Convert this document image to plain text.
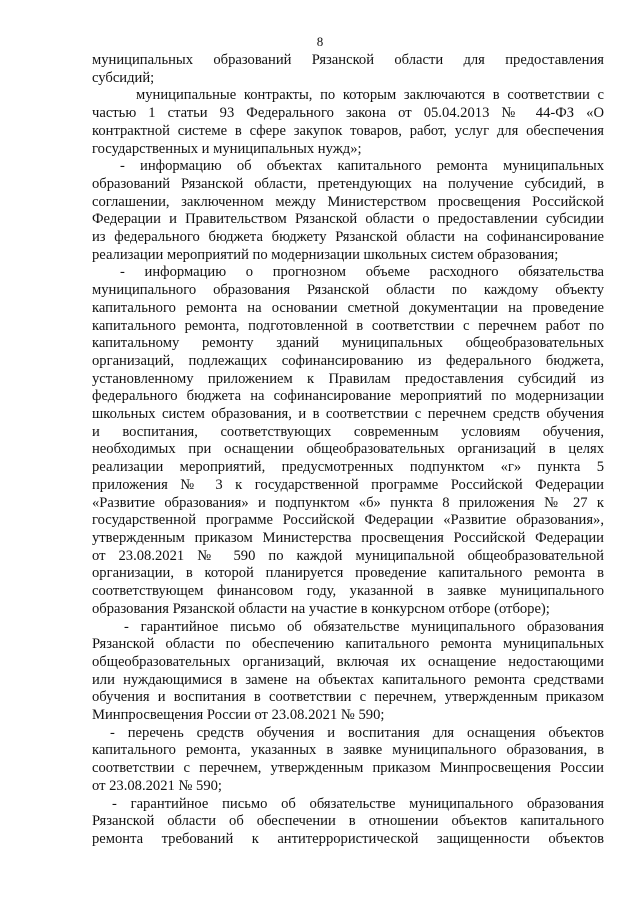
8
муниципальных образований Рязанской области для предоставления
субсидий;
муниципальные контракты, по которым заключаются в соответствии с
частью 1 статьи 93 Федерального закона от 05.04.2013 № 44-ФЗ «О
контрактной системе в сфере закупок товаров, работ, услуг для обеспечения
государственных и муниципальных нужд»;
- информацию об объектах капитального ремонта муниципальных
образований Рязанской области, претендующих на получение субсидий, в
соглашении, заключенном между Министерством просвещения Российской
Федерации и Правительством Рязанской области о предоставлении субсидии
из федерального бюджета бюджету Рязанской области на софинансирование
реализации мероприятий по модернизации школьных систем образования;
- информацию о прогнозном объеме расходного обязательства
муниципального образования Рязанской области по каждому объекту
капитального ремонта на основании сметной документации на проведение
капитального ремонта, подготовленной в соответствии с перечнем работ по
капитальному ремонту зданий муниципальных общеобразовательных
организаций, подлежащих софинансированию из федерального бюджета,
установленному приложением к Правилам предоставления субсидий из
федерального бюджета на софинансирование мероприятий по модернизации
школьных систем образования, и в соответствии с перечнем средств обучения
и воспитания, соответствующих современным условиям обучения,
необходимых при оснащении общеобразовательных организаций в целях
реализации мероприятий, предусмотренных подпунктом «г» пункта 5
приложения № 3 к государственной программе Российской Федерации
«Развитие образования» и подпунктом «б» пункта 8 приложения № 27 к
государственной программе Российской Федерации «Развитие образования»,
утвержденным приказом Министерства просвещения Российской Федерации
от 23.08.2021 № 590 по каждой муниципальной общеобразовательной
организации, в которой планируется проведение капитального ремонта в
соответствующем финансовом году, указанной в заявке муниципального
образования Рязанской области на участие в конкурсном отборе (отборе);
- гарантийное письмо об обязательстве муниципального образования
Рязанской области по обеспечению капитального ремонта муниципальных
общеобразовательных организаций, включая их оснащение недостающими
или нуждающимися в замене на объектах капитального ремонта средствами
обучения и воспитания в соответствии с перечнем, утвержденным приказом
Минпросвещения России от 23.08.2021 № 590;
- перечень средств обучения и воспитания для оснащения объектов
капитального ремонта, указанных в заявке муниципального образования, в
соответствии с перечнем, утвержденным приказом Минпросвещения России
от 23.08.2021 № 590;
- гарантийное письмо об обязательстве муниципального образования
Рязанской области об обеспечении в отношении объектов капитального
ремонта требований к антитеррористической защищенности объектов
